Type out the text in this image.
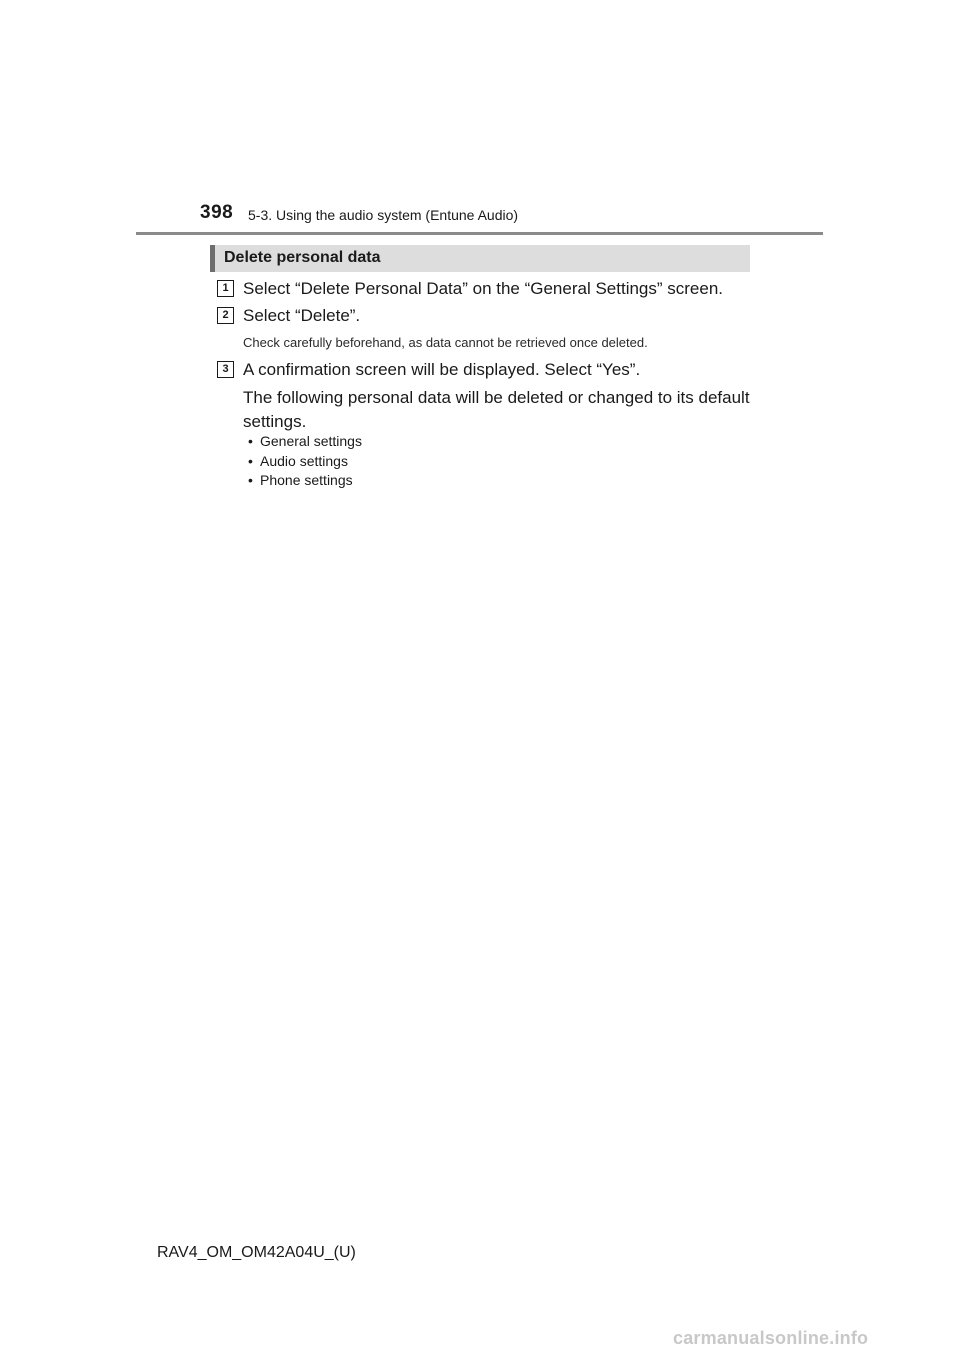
398 5-3. Using the audio system (Entune Audio)
Delete personal data
1 Select “Delete Personal Data” on the “General Settings” screen.
2 Select “Delete”.
Check carefully beforehand, as data cannot be retrieved once deleted.
3 A confirmation screen will be displayed. Select “Yes”.
The following personal data will be deleted or changed to its default settings.
• General settings
• Audio settings
• Phone settings
RAV4_OM_OM42A04U_(U)
carmanualsonline.info
